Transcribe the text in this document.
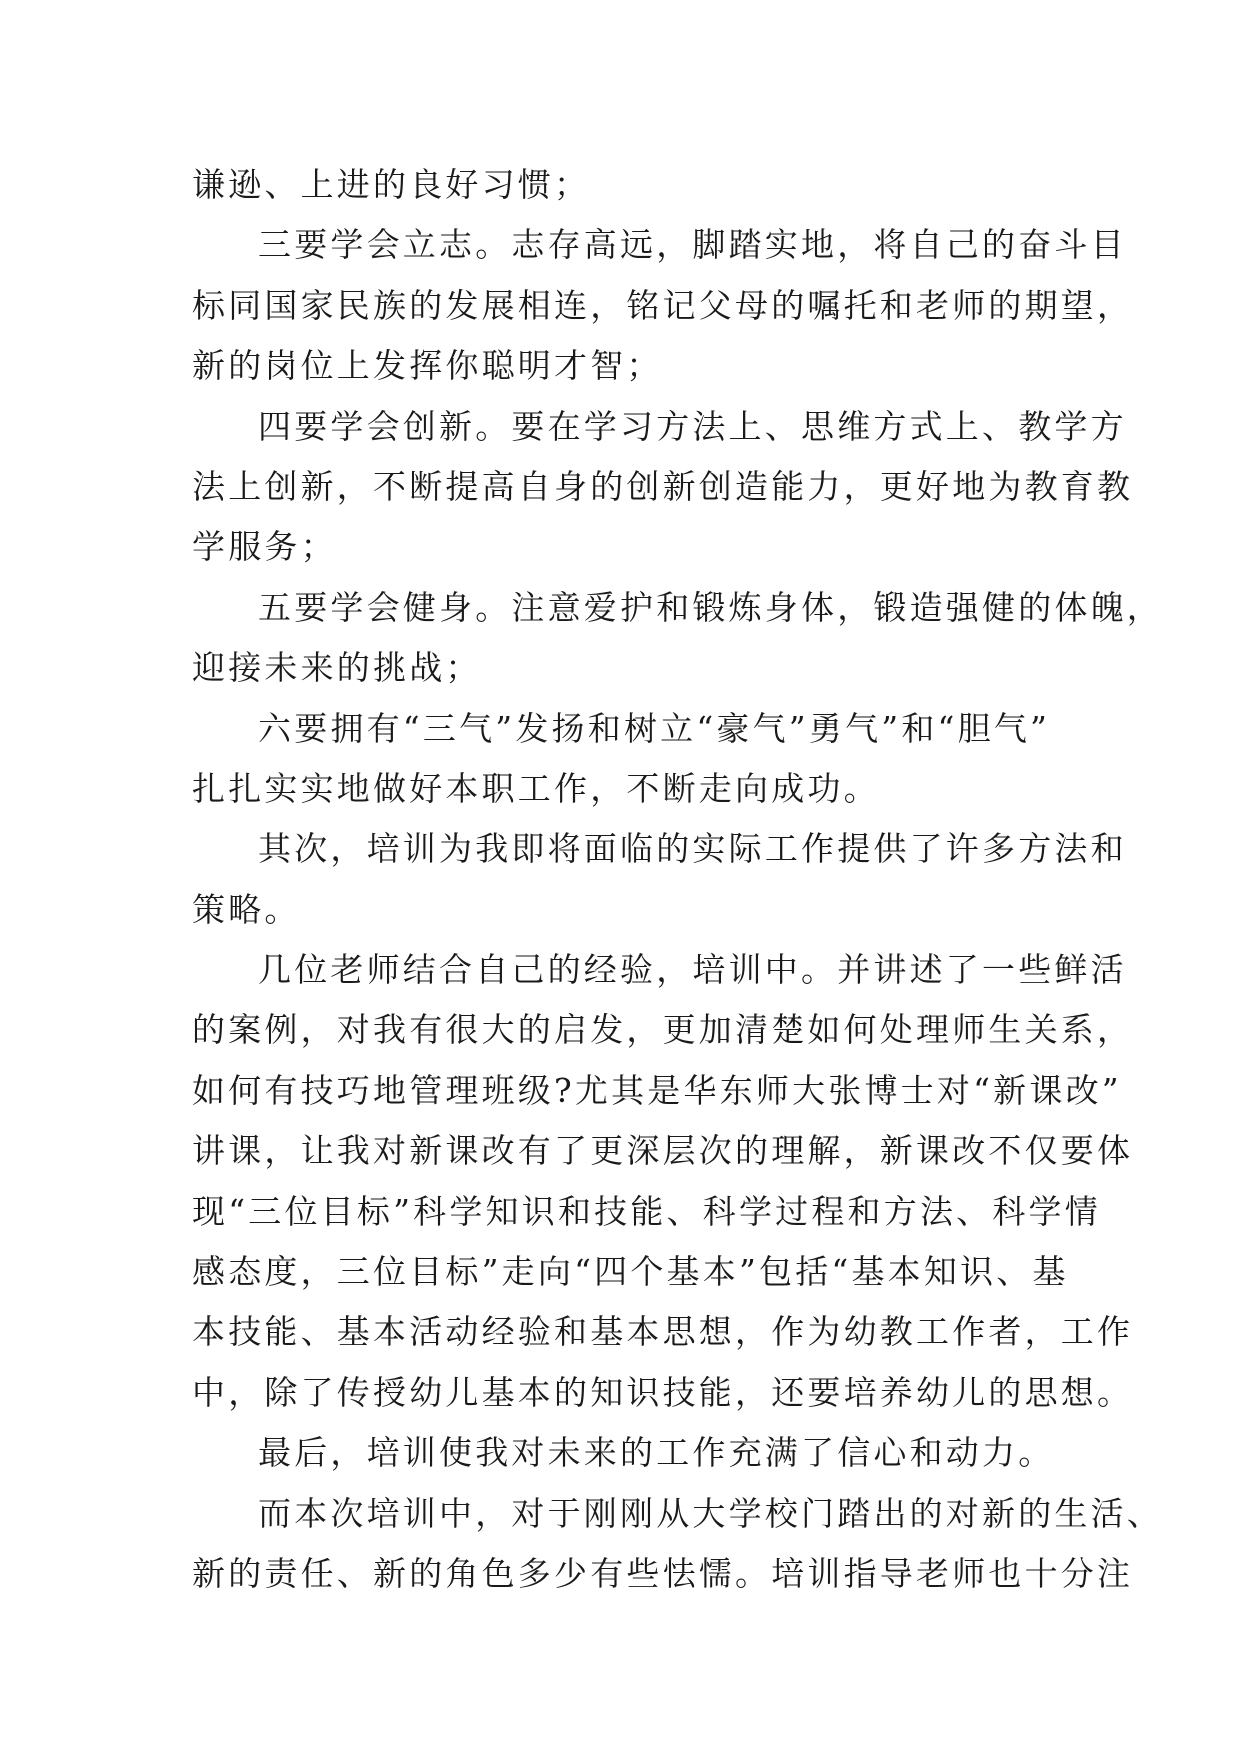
谦逊、上进的良好习惯；
三要学会立志。志存高远，脚踏实地，将自己的奋斗目
标同国家民族的发展相连，铭记父母的嘱托和老师的期望，
新的岗位上发挥你聪明才智；
四要学会创新。要在学习方法上、思维方式上、教学方
法上创新，不断提高自身的创新创造能力，更好地为教育教
学服务；
五要学会健身。注意爱护和锻炼身体，锻造强健的体魄，
迎接未来的挑战；
六要拥有“三气”发扬和树立“豪气”勇气”和“胆气”
扎扎实实地做好本职工作，不断走向成功。
其次，培训为我即将面临的实际工作提供了许多方法和
策略。
几位老师结合自己的经验，培训中。并讲述了一些鲜活
的案例，对我有很大的启发，更加清楚如何处理师生关系，
如何有技巧地管理班级?尤其是华东师大张博士对“新课改”
讲课，让我对新课改有了更深层次的理解，新课改不仅要体
现“三位目标”科学知识和技能、科学过程和方法、科学情
感态度，三位目标”走向“四个基本”包括“基本知识、基
本技能、基本活动经验和基本思想，作为幼教工作者，工作
中，除了传授幼儿基本的知识技能，还要培养幼儿的思想。
最后，培训使我对未来的工作充满了信心和动力。
而本次培训中，对于刚刚从大学校门踏出的对新的生活、
新的责任、新的角色多少有些怯懦。培训指导老师也十分注
